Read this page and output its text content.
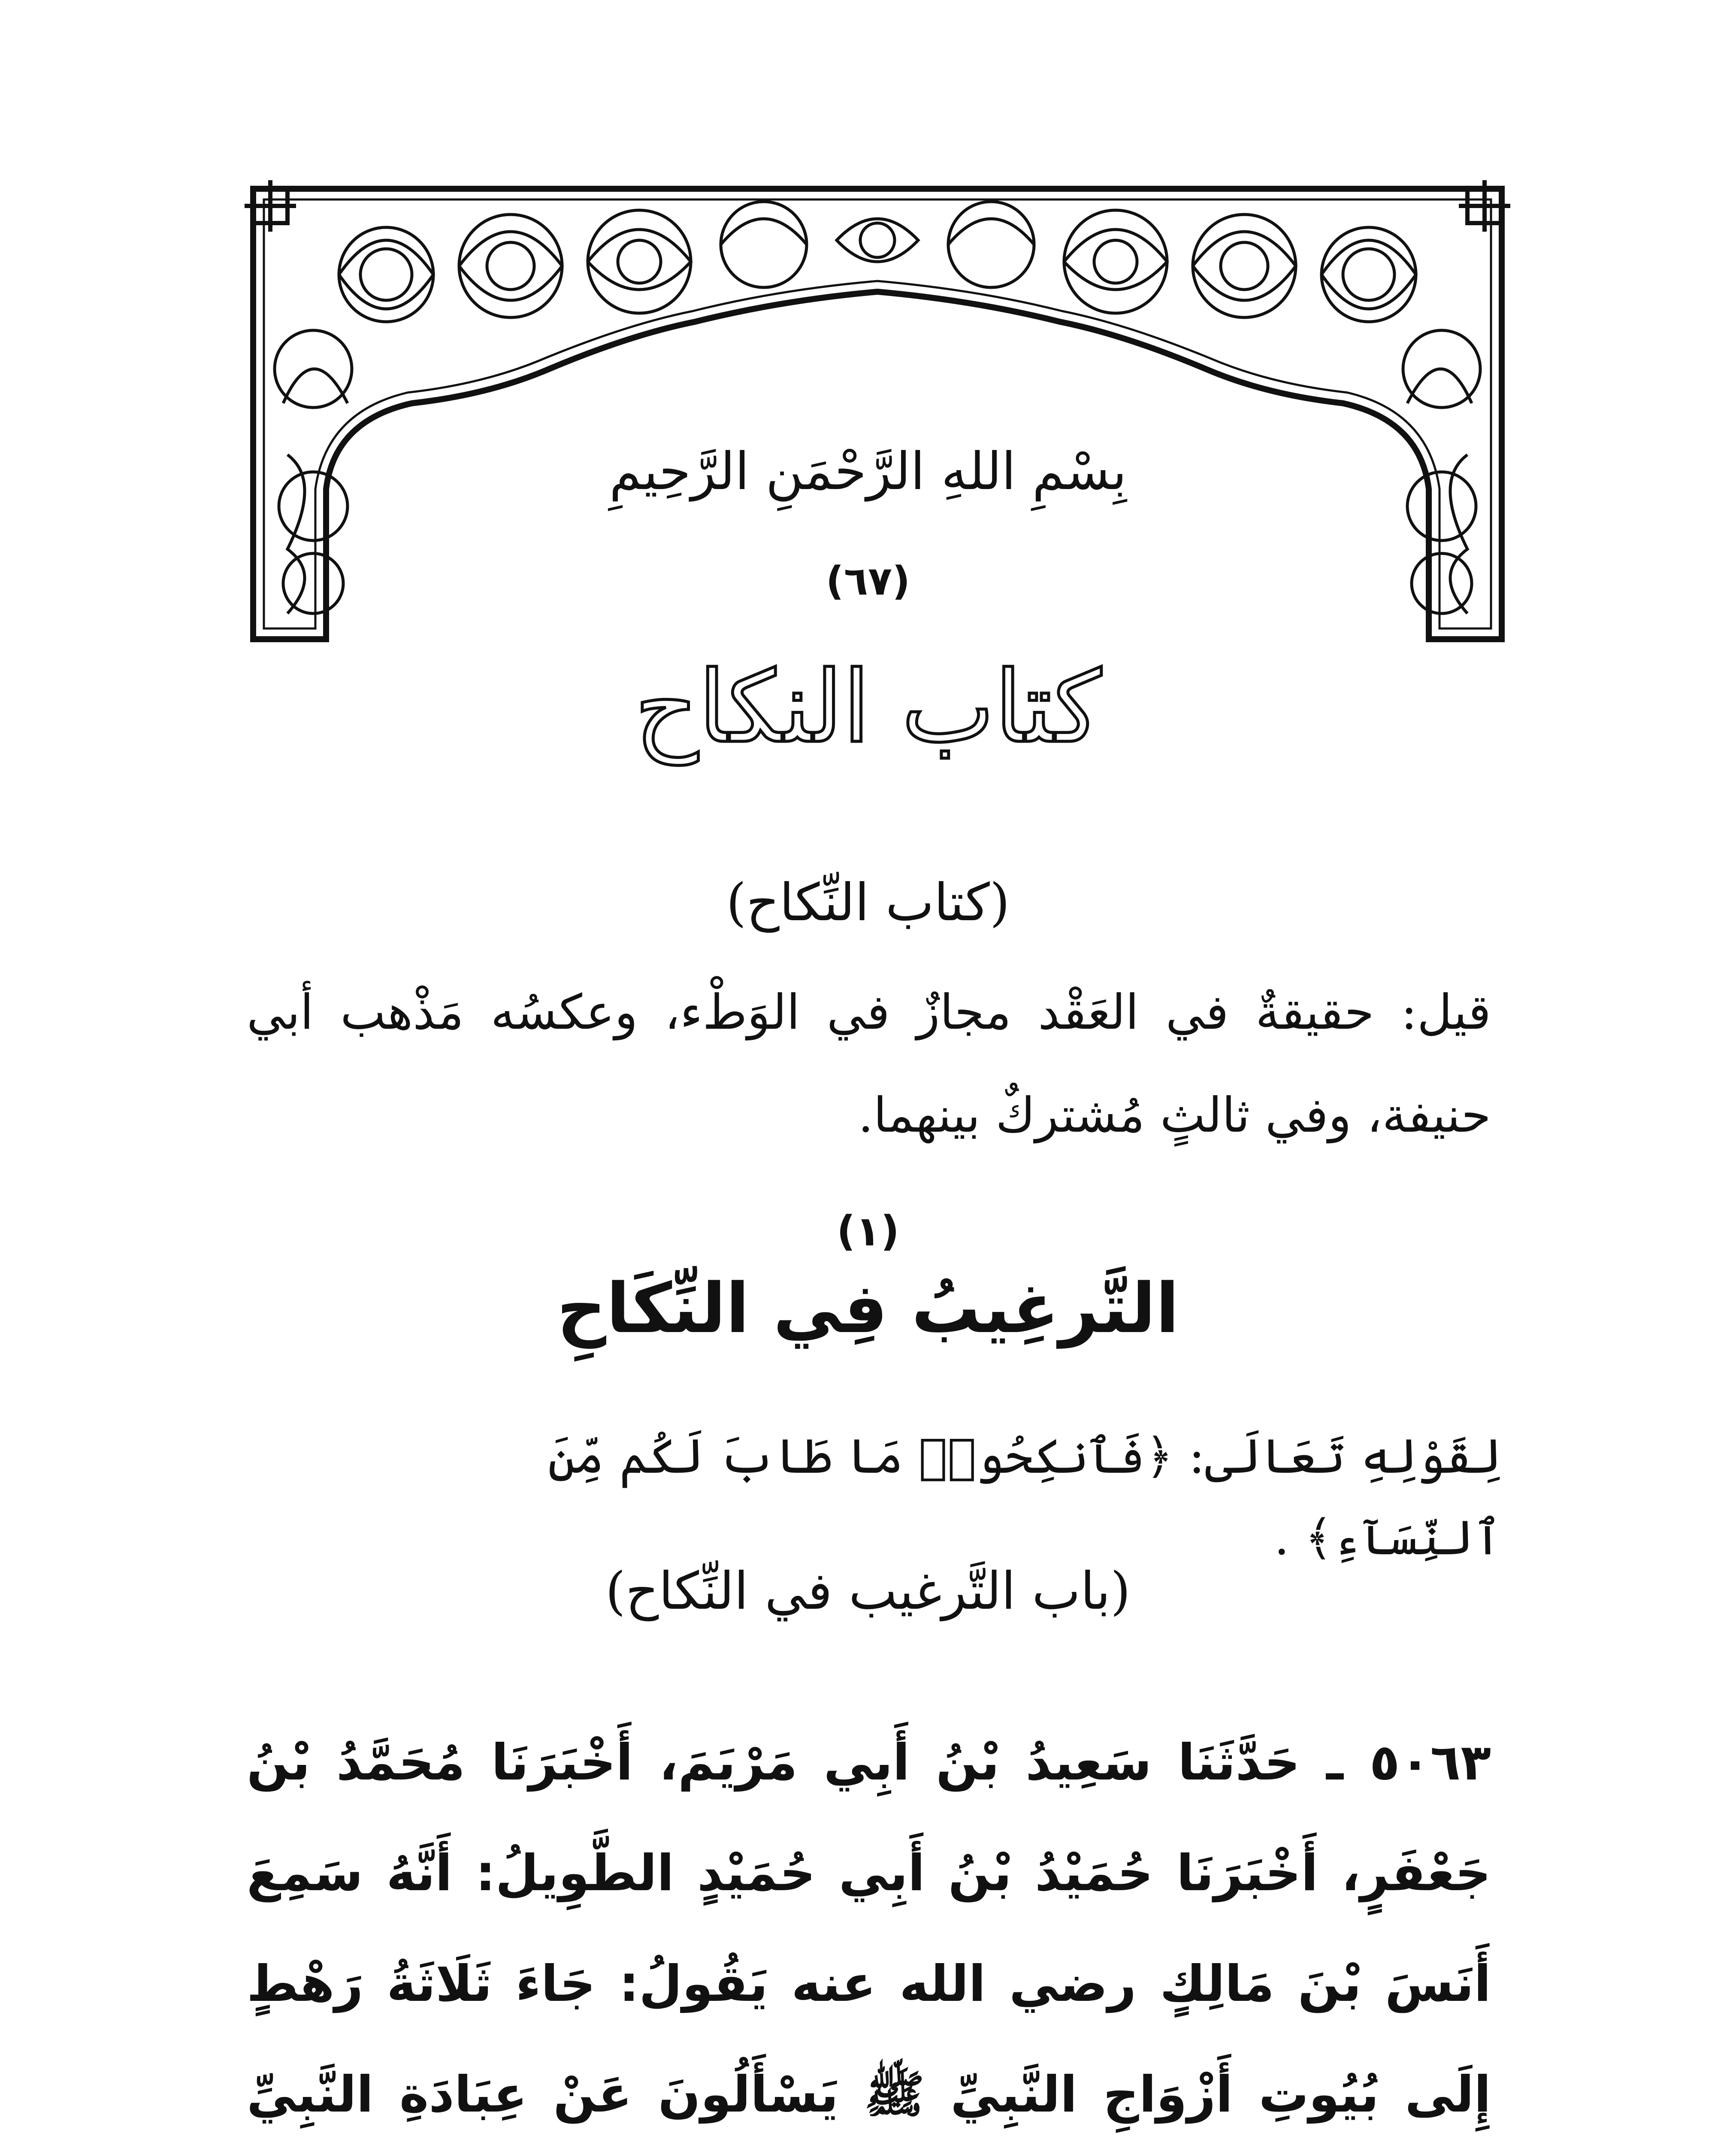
بِسْمِ اللهِ الرَّحْمَنِ الرَّحِيمِ
(٦٧)
كتاب النكاح
(كتاب النِّكاح)
قيل: حقيقةٌ في العَقْد مجازٌ في الوَطْء، وعكسُه مَذْهب أبي حنيفة، وفي ثالثٍ مُشتركٌ بينهما.
(١)
التَّرغِيبُ فِي النِّكَاحِ
لِقَوْلِهِ تَعَالَى: ﴿فَٱنكِحُوا۟ مَا طَابَ لَكُم مِّنَ ٱلنِّسَآءِ﴾ .
(باب التَّرغيب في النِّكاح)
٥٠٦٣ ـ حَدَّثَنَا سَعِيدُ بْنُ أَبِي مَرْيَمَ، أَخْبَرَنَا مُحَمَّدُ بْنُ جَعْفَرٍ، أَخْبَرَنَا حُمَيْدُ بْنُ أَبِي حُمَيْدٍ الطَّوِيلُ: أَنَّهُ سَمِعَ أَنَسَ بْنَ مَالِكٍ رضي الله عنه يَقُولُ: جَاءَ ثَلَاثَةُ رَهْطٍ إِلَى بُيُوتِ أَزْوَاجِ النَّبِيِّ ﷺ يَسْأَلُونَ عَنْ عِبَادَةِ النَّبِيِّ
